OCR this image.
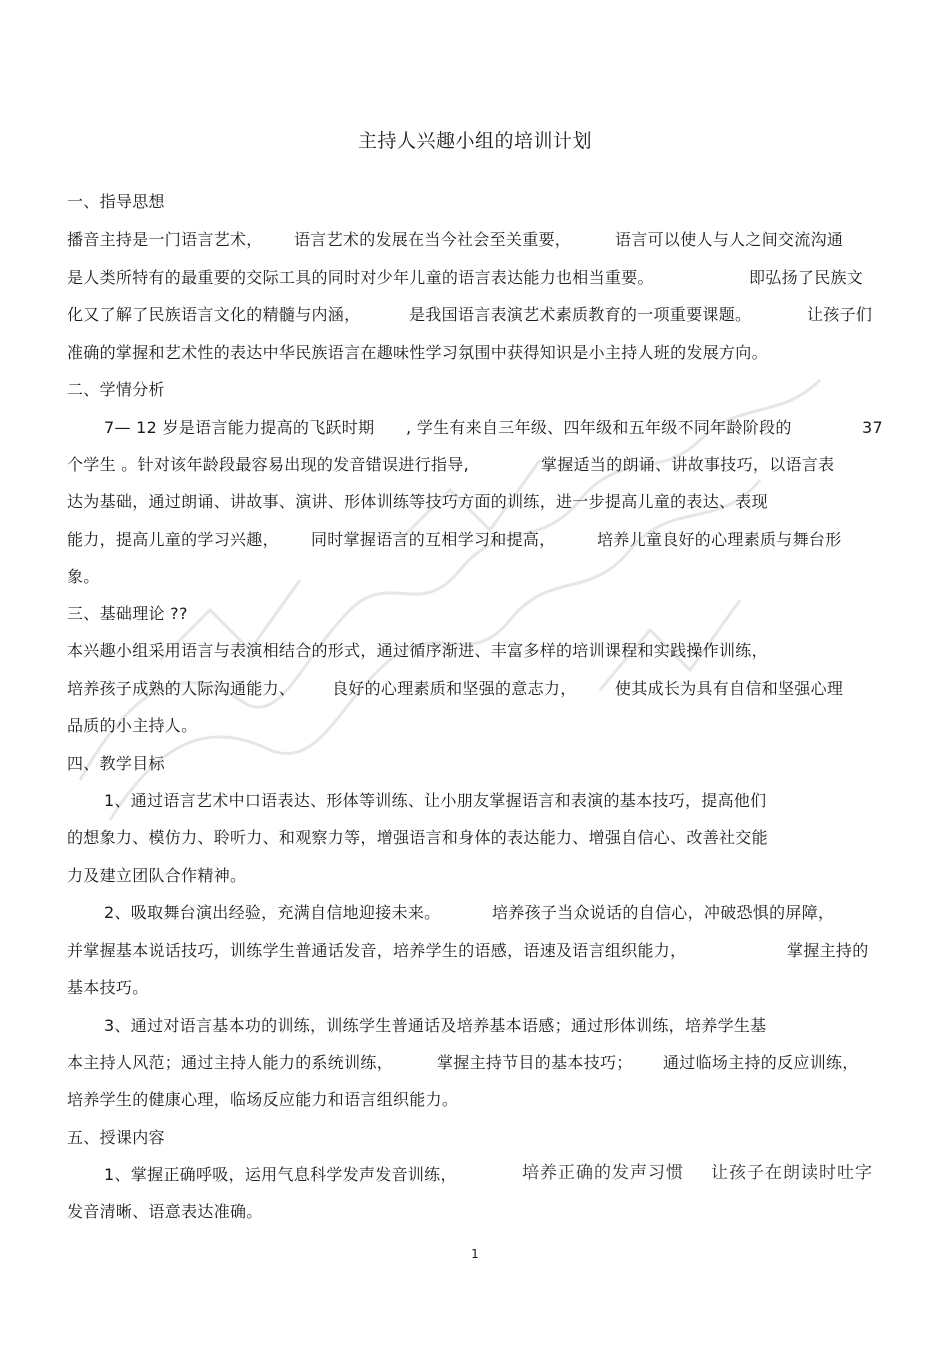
主持人兴趣小组的培训计划
一、指导思想
播音主持是一门语言艺术， 语言艺术的发展在当今社会至关重要，	语言可以使人与人之间交流沟通
是人类所特有的最重要的交际工具的同时对少年儿童的语言表达能力也相当重要。	即弘扬了民族文
化又了解了民族语言文化的精髓与内涵，	是我国语言表演艺术素质教育的一项重要课题。	让孩子们
准确的掌握和艺术性的表达中华民族语言在趣味性学习氛围中获得知识是小主持人班的发展方向。
二、学情分析
7— 12 岁是语言能力提高的飞跃时期 , 学生有来自三年级、四年级和五年级不同年龄阶段的	37
个学生 。针对该年龄段最容易出现的发音错误进行指导,	掌握适当的朗诵、讲故事技巧，以语言表
达为基础，通过朗诵、讲故事、演讲、形体训练等技巧方面的训练，进一步提高儿童的表达、表现
能力，提高儿童的学习兴趣， 同时掌握语言的互相学习和提高，	培养儿童良好的心理素质与舞台形
象。
三、基础理论 ??
本兴趣小组采用语言与表演相结合的形式，通过循序渐进、丰富多样的培训课程和实践操作训练，
培养孩子成熟的人际沟通能力、 良好的心理素质和坚强的意志力， 使其成长为具有自信和坚强心理
品质的小主持人。
四、教学目标
1、通过语言艺术中口语表达、形体等训练、让小朋友掌握语言和表演的基本技巧，提高他们
的想象力、模仿力、聆听力、和观察力等，增强语言和身体的表达能力、增强自信心、改善社交能
力及建立团队合作精神。
2、吸取舞台演出经验，充满自信地迎接未来。	培养孩子当众说话的自信心，冲破恐惧的屏障，
并掌握基本说话技巧，训练学生普通话发音，培养学生的语感，语速及语言组织能力，	掌握主持的
基本技巧。
3、通过对语言基本功的训练，训练学生普通话及培养基本语感；通过形体训练，培养学生基
本主持人风范；通过主持人能力的系统训练，	掌握主持节目的基本技巧； 通过临场主持的反应训练，
培养学生的健康心理，临场反应能力和语言组织能力。
五、授课内容
1、掌握正确呼吸，运用气息科学发声发音训练，	培养正确的发声习惯 让孩子在朗读时吐字
发音清晰、语意表达准确。
1
